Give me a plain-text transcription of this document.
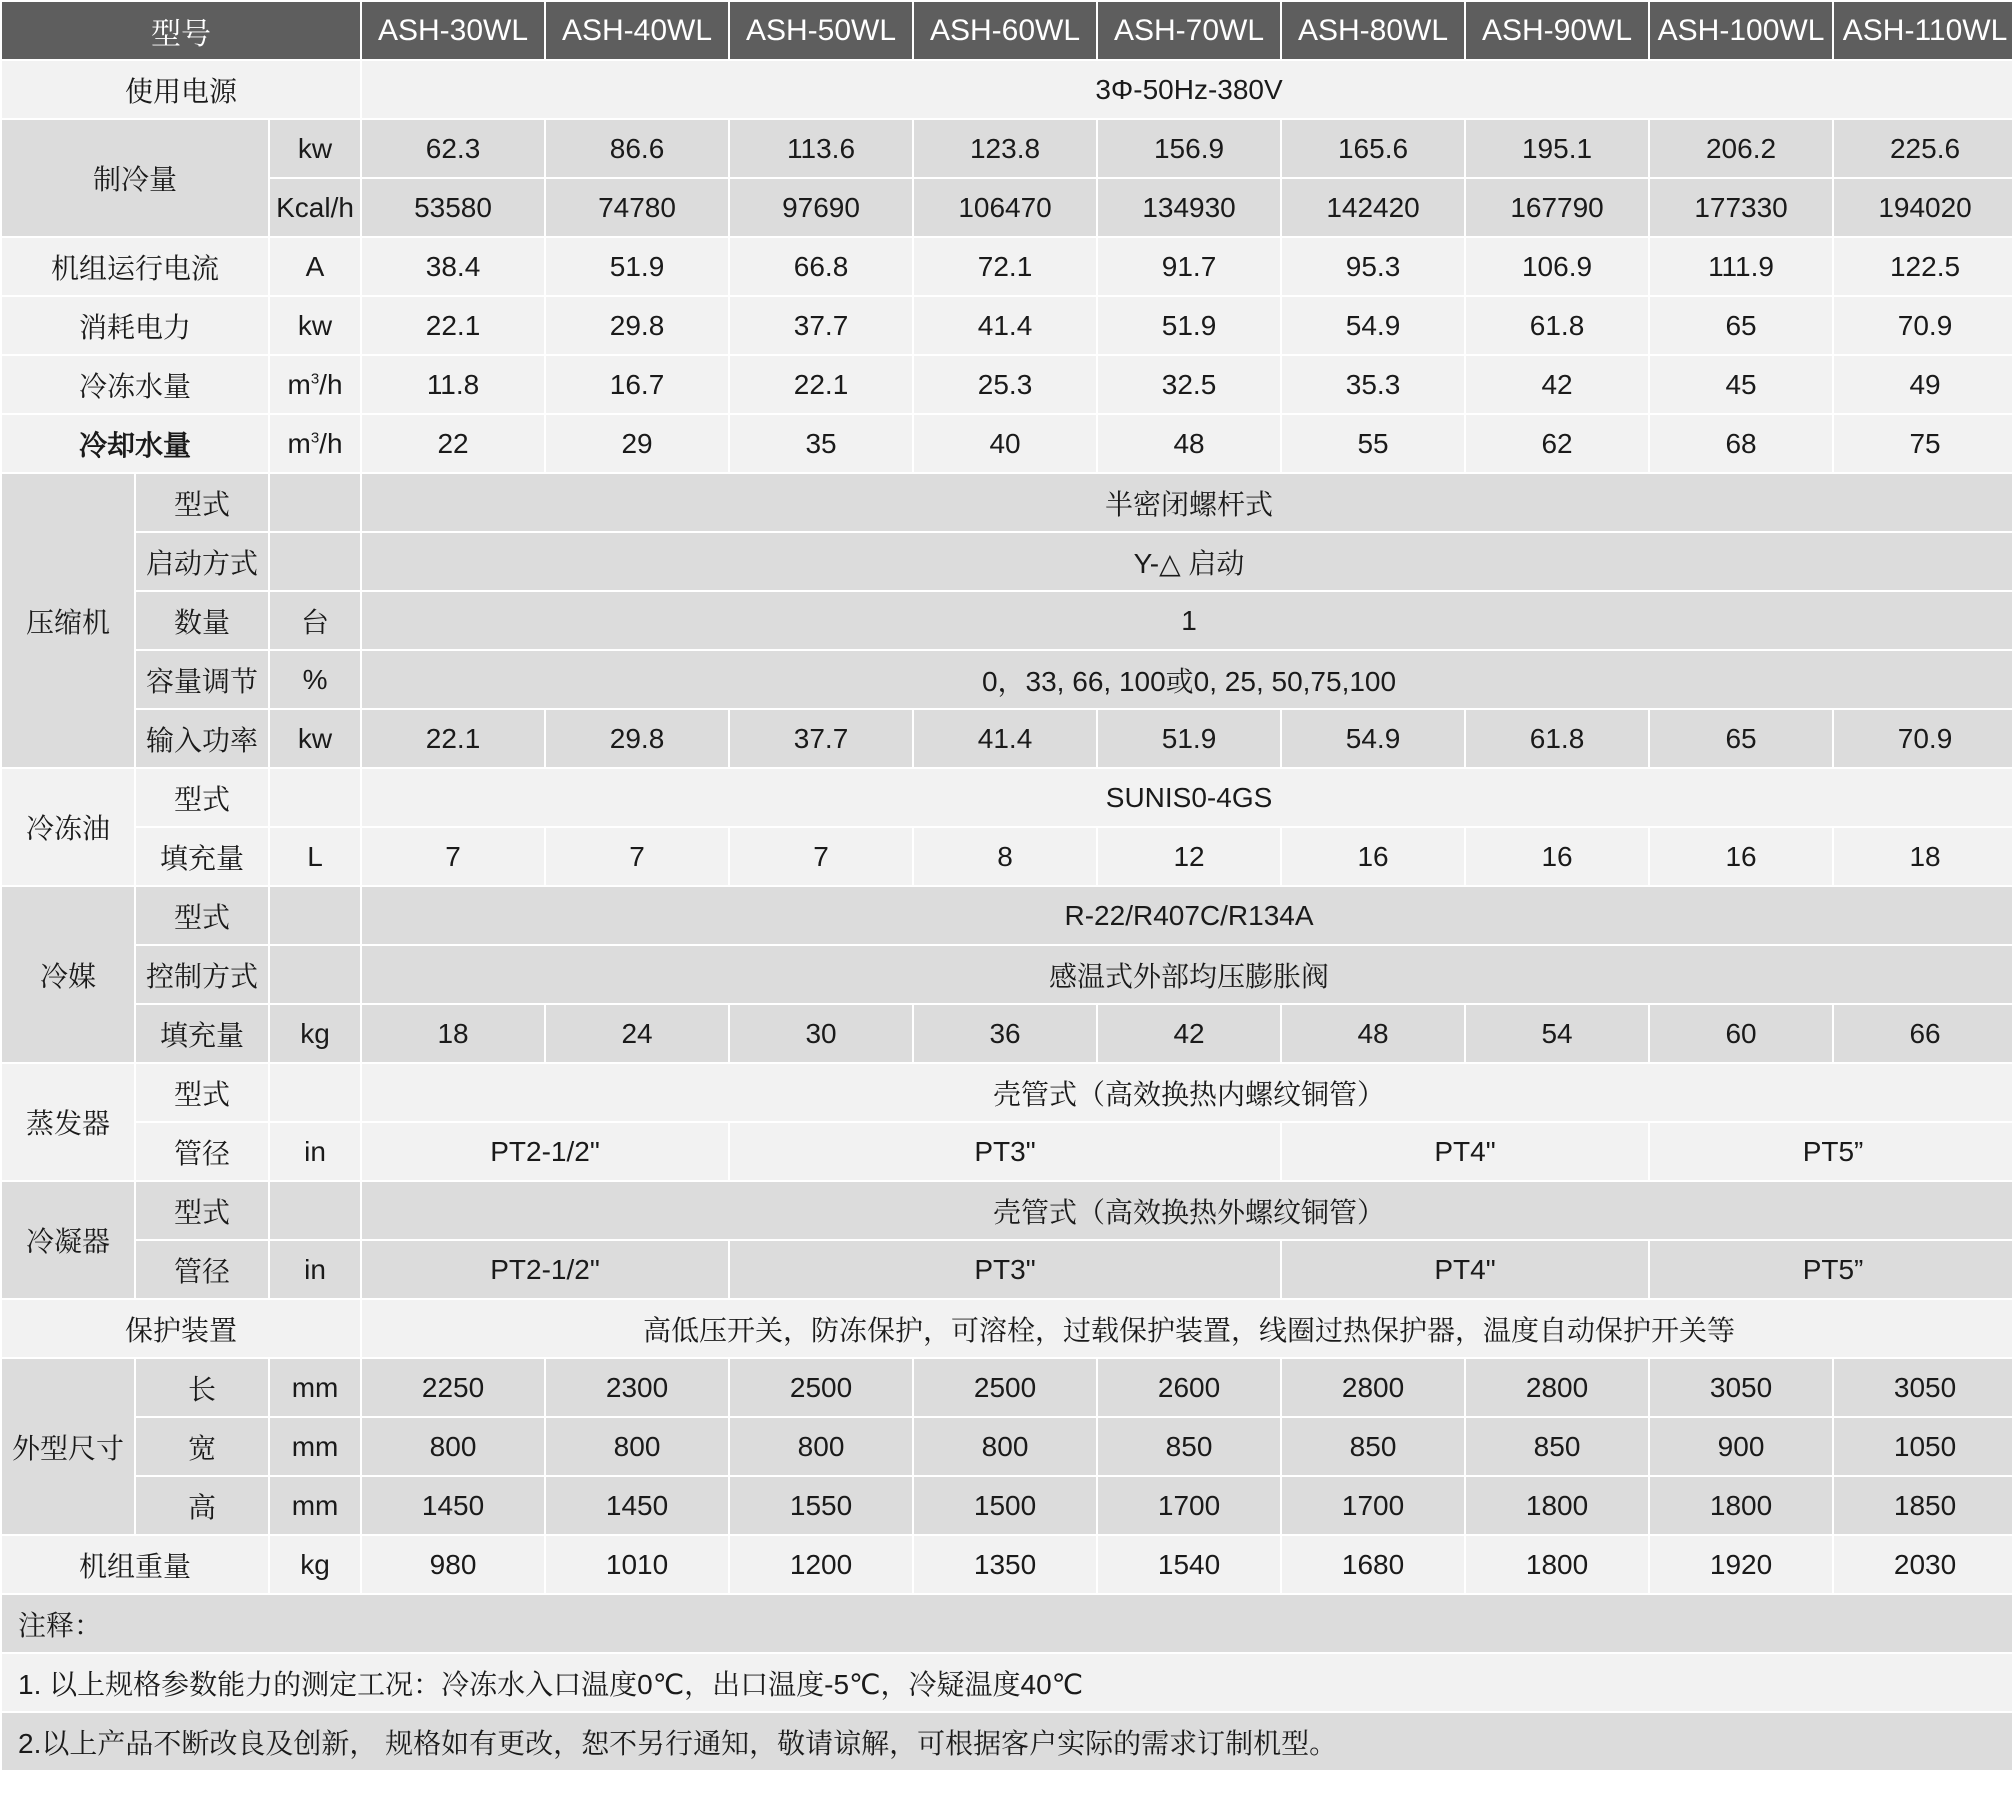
型号			ASH-30WL	ASH-40WL	ASH-50WL	ASH-60WL	ASH-70WL	ASH-80WL	ASH-90WL	ASH-100WL	ASH-110WL
使用电源			3Φ-50Hz-380V								
制冷量		kw	62.3	86.6	113.6	123.8	156.9	165.6	195.1	206.2	225.6
		Kcal/h	53580	74780	97690	106470	134930	142420	167790	177330	194020
机组运行电流		A	38.4	51.9	66.8	72.1	91.7	95.3	106.9	111.9	122.5
消耗电力		kw	22.1	29.8	37.7	41.4	51.9	54.9	61.8	65	70.9
冷冻水量		$m^3/h$	11.8	16.7	22.1	25.3	32.5	35.3	42	45	49
冷却水量		$m^3/h$	22	29	35	40	48	55	62	68	75
压缩机	型式		半密闭螺杆式								
	启动方式		Y-△ 启动								
	数量	台	1								
	容量调节	%	0，33, 66, 100或0, 25, 50,75,100								
	输入功率	kw	22.1	29.8	37.7	41.4	51.9	54.9	61.8	65	70.9
冷冻油	型式		SUNIS0-4GS								
	填充量	L	7	7	7	8	12	16	16	16	18
冷媒	型式		R-22/R407C/R134A								
	控制方式		感温式外部均压膨胀阀								
	填充量	kg	18	24	30	36	42	48	54	60	66
蒸发器	型式		壳管式（高效换热内螺纹铜管）								
	管径	in	PT2-1/2"		PT3"			PT4"		PT5”	
冷凝器	型式		壳管式（高效换热外螺纹铜管）								
	管径	in	PT2-1/2"		PT3"			PT4"		PT5”	
保护装置			高低压开关，防冻保护，可溶栓，过载保护装置，线圈过热保护器，温度自动保护开关等								
外型尺寸	长	mm	2250	2300	2500	2500	2600	2800	2800	3050	3050
	宽	mm	800	800	800	800	850	850	850	900	1050
	高	mm	1450	1450	1550	1500	1700	1700	1800	1800	1850
机组重量		kg	980	1010	1200	1350	1540	1680	1800	1920	2030
注释：											
1. 以上规格参数能力的测定工况：冷冻水入口温度0℃，出口温度-5℃，冷疑温度40℃											
2.以上产品不断改良及创新， 规格如有更改，恕不另行通知，敬请谅解，可根据客户实际的需求订制机型。											
